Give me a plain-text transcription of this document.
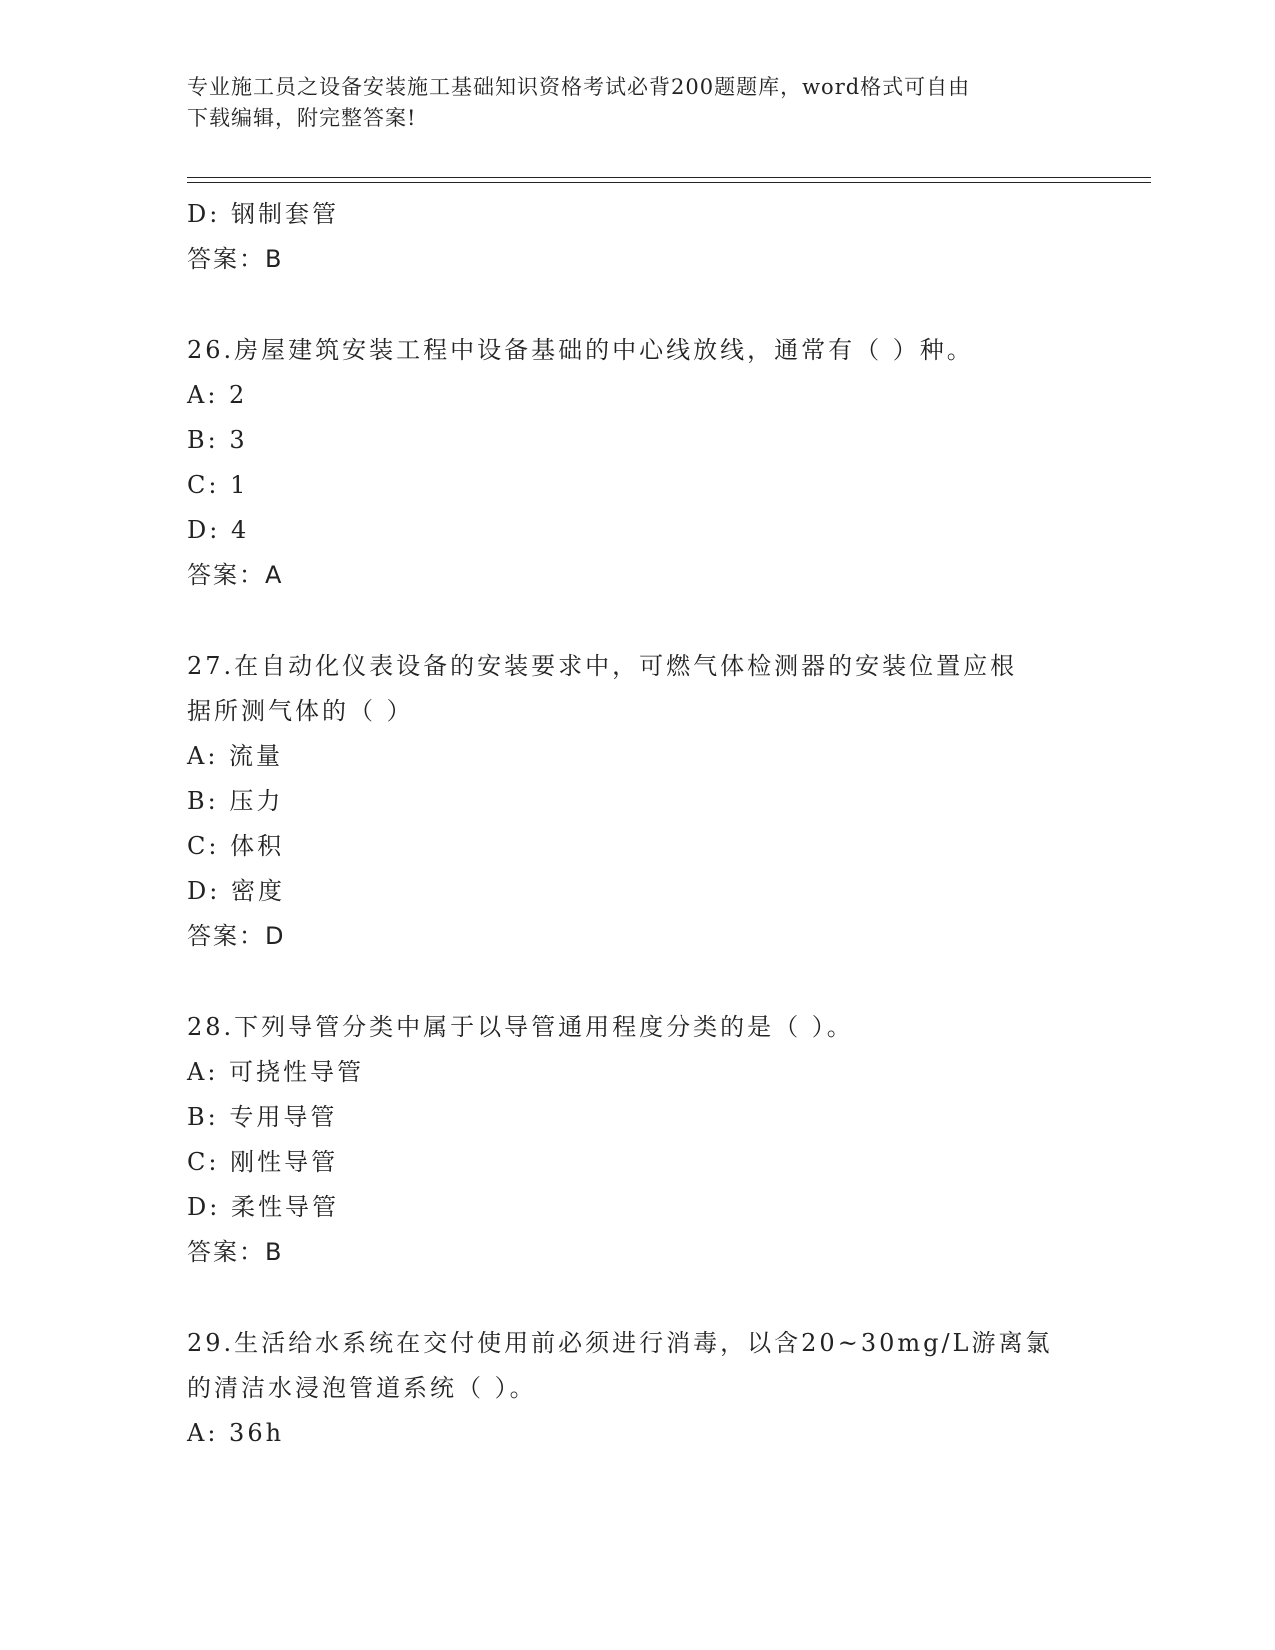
专业施工员之设备安装施工基础知识资格考试必背200题题库，word格式可自由
下载编辑，附完整答案!
D: 钢制套管
答案：B
26.房屋建筑安装工程中设备基础的中心线放线，通常有（ ）种。
A: 2
B: 3
C: 1
D: 4
答案：A
27.在自动化仪表设备的安装要求中，可燃气体检测器的安装位置应根
据所测气体的（ ）
A: 流量
B: 压力
C: 体积
D: 密度
答案：D
28.下列导管分类中属于以导管通用程度分类的是（ ）。
A: 可挠性导管
B: 专用导管
C: 刚性导管
D: 柔性导管
答案：B
29.生活给水系统在交付使用前必须进行消毒，以含20~30mg/L游离氯
的清洁水浸泡管道系统（ ）。
A: 36h
